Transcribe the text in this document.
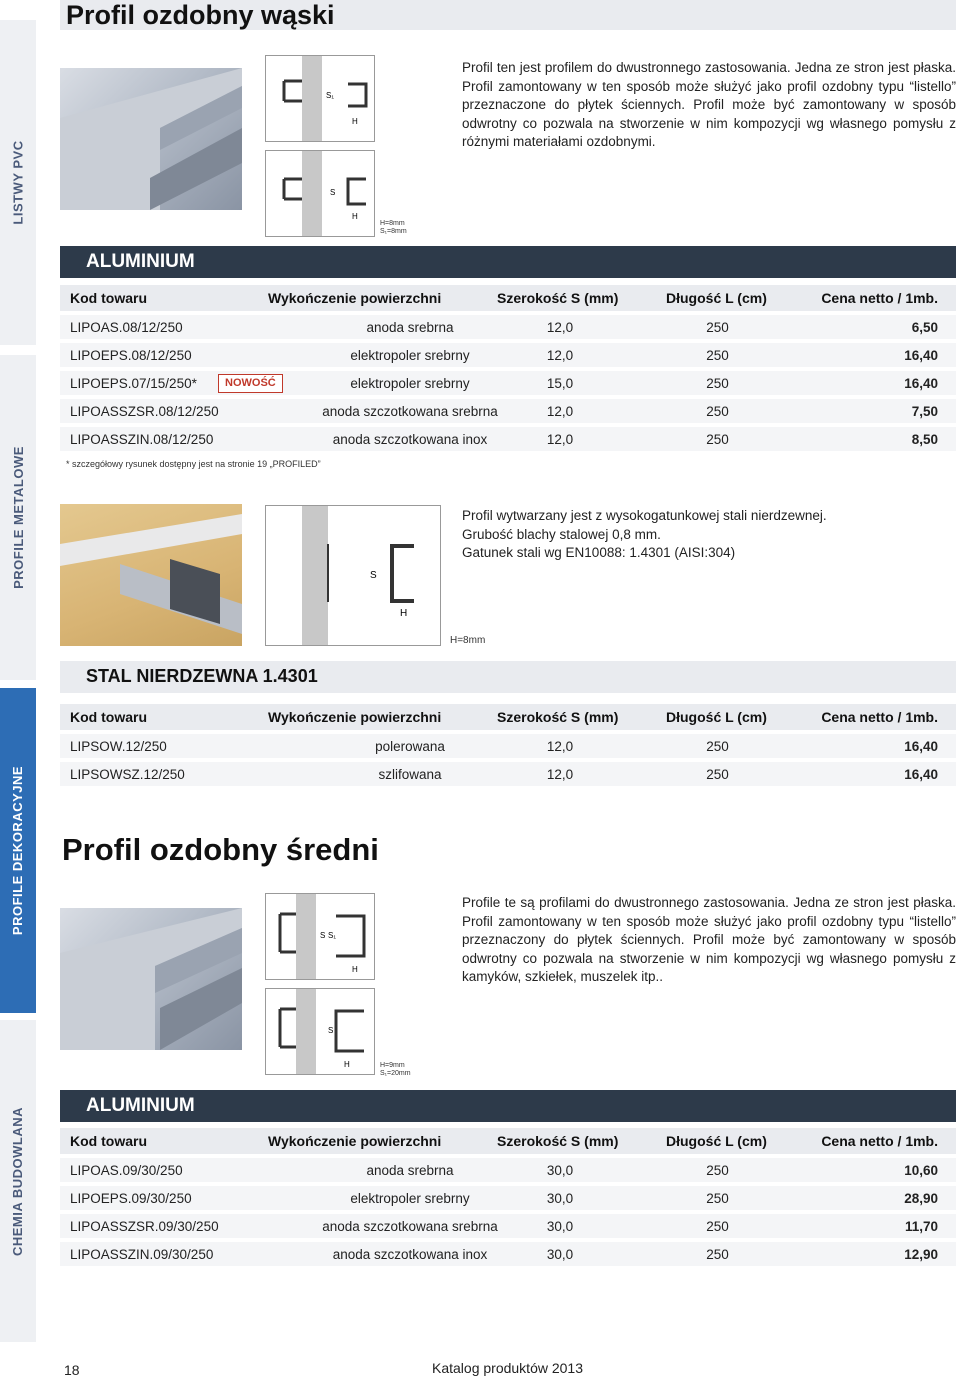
LISTWY PVC
PROFILE METALOWE
PROFILE DEKORACYJNE
CHEMIA BUDOWLANA
Profil ozdobny wąski
S₁
H
S
H
H=8mm
S₁=8mm
Profil ten jest profilem do dwustronnego zastosowania. Jedna ze stron jest płaska. Profil zamontowany w ten sposób może służyć jako profil ozdobny typu “listello” przeznaczone do płytek ściennych. Profil może być zamontowany w sposób odwrotny co pozwala na stworzenie w nim kompozycji wg własnego pomysłu z różnymi materiałami ozdobnymi.
ALUMINIUM
Kod towaru	Wykończenie powierzchni	Szerokość S (mm)	Długość L (cm)	Cena netto / 1mb.
LIPOAS.08/12/250	anoda srebrna	12,0	250	6,50
LIPOEPS.08/12/250	elektropoler srebrny	12,0	250	16,40
LIPOEPS.07/15/250*	NOWOŚĆ	elektropoler srebrny	15,0	250	16,40
LIPOASSZSR.08/12/250	anoda szczotkowana srebrna	12,0	250	7,50
LIPOASSZIN.08/12/250	anoda szczotkowana inox	12,0	250	8,50
* szczegółowy rysunek dostępny jest na stronie 19 „PROFILED”
S
H
H=8mm
Profil wytwarzany jest z wysokogatunkowej stali nierdzewnej.
Grubość blachy stalowej 0,8 mm.
Gatunek stali wg EN10088: 1.4301 (AISI:304)
STAL NIERDZEWNA 1.4301
Kod towaru	Wykończenie powierzchni	Szerokość S (mm)	Długość L (cm)	Cena netto / 1mb.
LIPSOW.12/250	polerowana	12,0	250	16,40
LIPSOWSZ.12/250	szlifowana	12,0	250	16,40
Profil ozdobny średni
S S₁
H
S
H	H=9mm
S₁=20mm
Profile te są profilami do dwustronnego zastosowania. Jedna ze stron jest płaska. Profil zamontowany w ten sposób może służyć jako profil ozdobny typu “listello” przeznaczony do płytek ściennych. Profil może być zamontowany w sposób odwrotny co pozwala na stworzenie w nim kompozycji wg własnego pomysłu z kamyków, szkiełek, muszelek itp..
ALUMINIUM
Kod towaru	Wykończenie powierzchni	Szerokość S (mm)	Długość L (cm)	Cena netto / 1mb.
LIPOAS.09/30/250	anoda srebrna	30,0	250	10,60
LIPOEPS.09/30/250	elektropoler srebrny	30,0	250	28,90
LIPOASSZSR.09/30/250	anoda szczotkowana srebrna	30,0	250	11,70
LIPOASSZIN.09/30/250	anoda szczotkowana inox	30,0	250	12,90
18	Katalog produktów 2013
